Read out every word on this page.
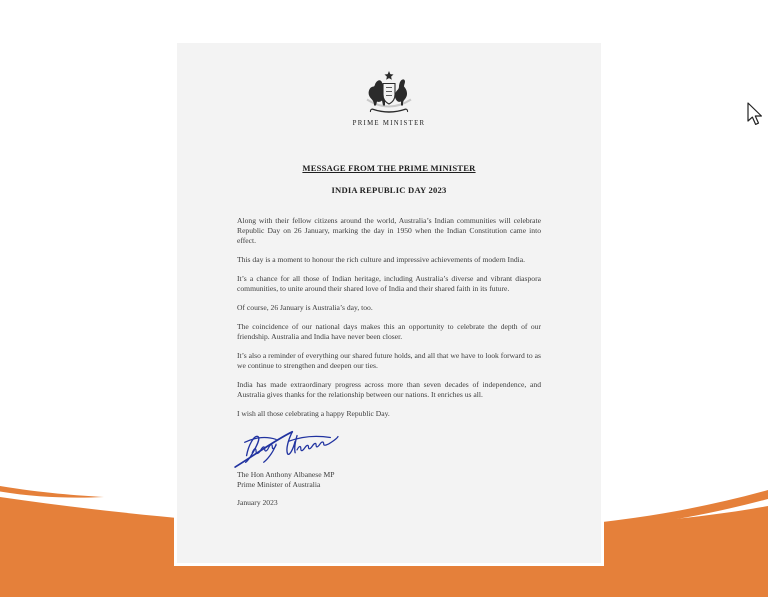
PRIME MINISTER
MESSAGE FROM THE PRIME MINISTER
INDIA REPUBLIC DAY 2023

Along with their fellow citizens around the world, Australia’s Indian communities will celebrate Republic Day on 26 January, marking the day in 1950 when the Indian Constitution came into effect.

This day is a moment to honour the rich culture and impressive achievements of modern India.

It’s a chance for all those of Indian heritage, including Australia’s diverse and vibrant diaspora communities, to unite around their shared love of India and their shared faith in its future.

Of course, 26 January is Australia’s day, too.

The coincidence of our national days makes this an opportunity to celebrate the depth of our friendship. Australia and India have never been closer.

It’s also a reminder of everything our shared future holds, and all that we have to look forward to as we continue to strengthen and deepen our ties.

India has made extraordinary progress across more than seven decades of independence, and Australia gives thanks for the relationship between our nations. It enriches us all.

I wish all those celebrating a happy Republic Day.

The Hon Anthony Albanese MP
Prime Minister of Australia
January 2023
